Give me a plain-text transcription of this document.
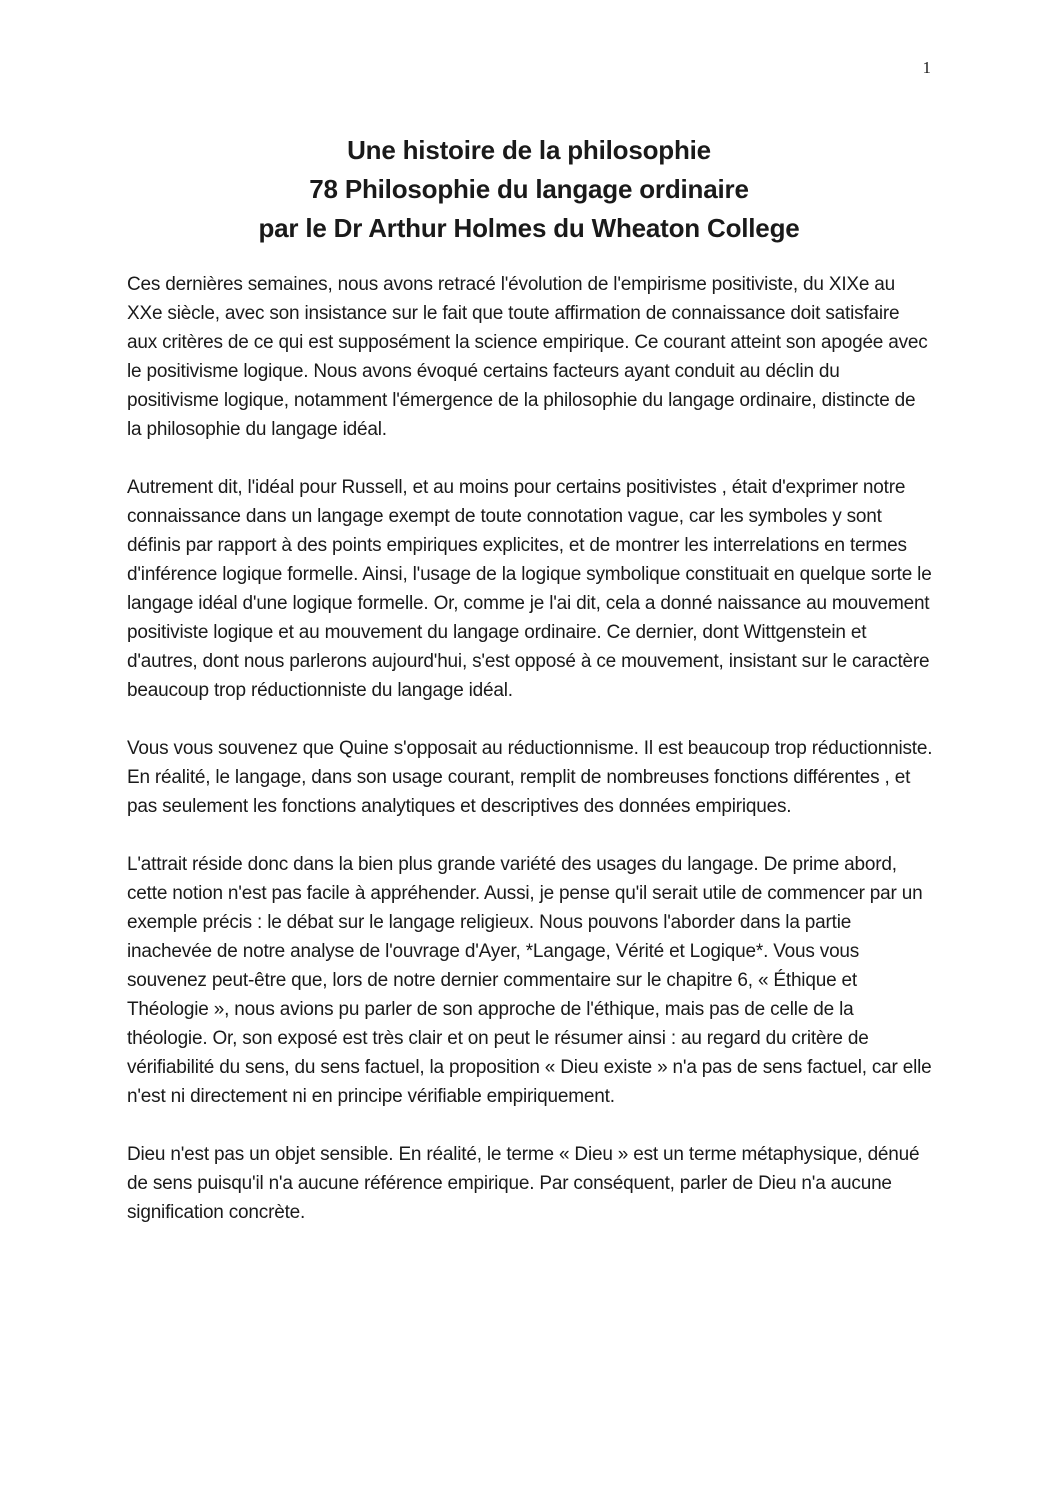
1
Une histoire de la philosophie
78 Philosophie du langage ordinaire
par le Dr Arthur Holmes du Wheaton College

Ces dernières semaines, nous avons retracé l'évolution de l'empirisme positiviste, du XIXe au XXe siècle, avec son insistance sur le fait que toute affirmation de connaissance doit satisfaire aux critères de ce qui est supposément la science empirique. Ce courant atteint son apogée avec le positivisme logique. Nous avons évoqué certains facteurs ayant conduit au déclin du positivisme logique, notamment l'émergence de la philosophie du langage ordinaire, distincte de la philosophie du langage idéal.

Autrement dit, l'idéal pour Russell, et au moins pour certains positivistes , était d'exprimer notre connaissance dans un langage exempt de toute connotation vague, car les symboles y sont définis par rapport à des points empiriques explicites, et de montrer les interrelations en termes d'inférence logique formelle. Ainsi, l'usage de la logique symbolique constituait en quelque sorte le langage idéal d'une logique formelle. Or, comme je l'ai dit, cela a donné naissance au mouvement positiviste logique et au mouvement du langage ordinaire. Ce dernier, dont Wittgenstein et d'autres, dont nous parlerons aujourd'hui, s'est opposé à ce mouvement, insistant sur le caractère beaucoup trop réductionniste du langage idéal.

Vous vous souvenez que Quine s'opposait au réductionnisme. Il est beaucoup trop réductionniste. En réalité, le langage, dans son usage courant, remplit de nombreuses fonctions différentes , et pas seulement les fonctions analytiques et descriptives des données empiriques.

L'attrait réside donc dans la bien plus grande variété des usages du langage. De prime abord, cette notion n'est pas facile à appréhender. Aussi, je pense qu'il serait utile de commencer par un exemple précis : le débat sur le langage religieux. Nous pouvons l'aborder dans la partie inachevée de notre analyse de l'ouvrage d'Ayer, *Langage, Vérité et Logique*. Vous vous souvenez peut-être que, lors de notre dernier commentaire sur le chapitre 6, « Éthique et Théologie », nous avions pu parler de son approche de l'éthique, mais pas de celle de la théologie. Or, son exposé est très clair et on peut le résumer ainsi : au regard du critère de vérifiabilité du sens, du sens factuel, la proposition « Dieu existe » n'a pas de sens factuel, car elle n'est ni directement ni en principe vérifiable empiriquement.

Dieu n'est pas un objet sensible. En réalité, le terme « Dieu » est un terme métaphysique, dénué de sens puisqu'il n'a aucune référence empirique. Par conséquent, parler de Dieu n'a aucune signification concrète.
